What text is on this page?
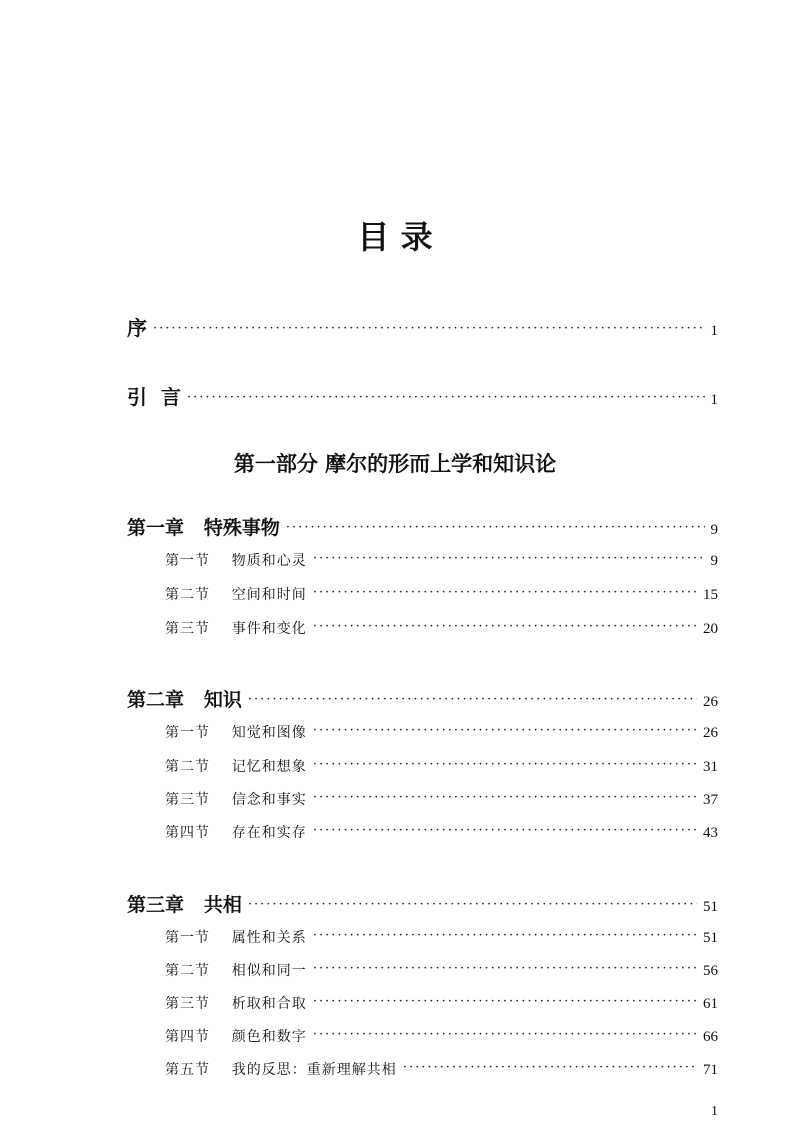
目 录
序 ·····	1
引  言 ·····	1
第一部分 摩尔的形而上学和知识论
第一章   特殊事物 ·····	9
第一节    物质和心灵 ·····	9
第二节    空间和时间 ·····	15
第三节    事件和变化 ·····	20
第二章   知识 ·····	26
第一节    知觉和图像 ·····	26
第二节    记忆和想象 ·····	31
第三节    信念和事实 ·····	37
第四节    存在和实存 ·····	43
第三章   共相 ·····	51
第一节    属性和关系 ·····	51
第二节    相似和同一 ·····	56
第三节    析取和合取 ·····	61
第四节    颜色和数字 ·····	66
第五节    我的反思：重新理解共相 ·····	71
1
